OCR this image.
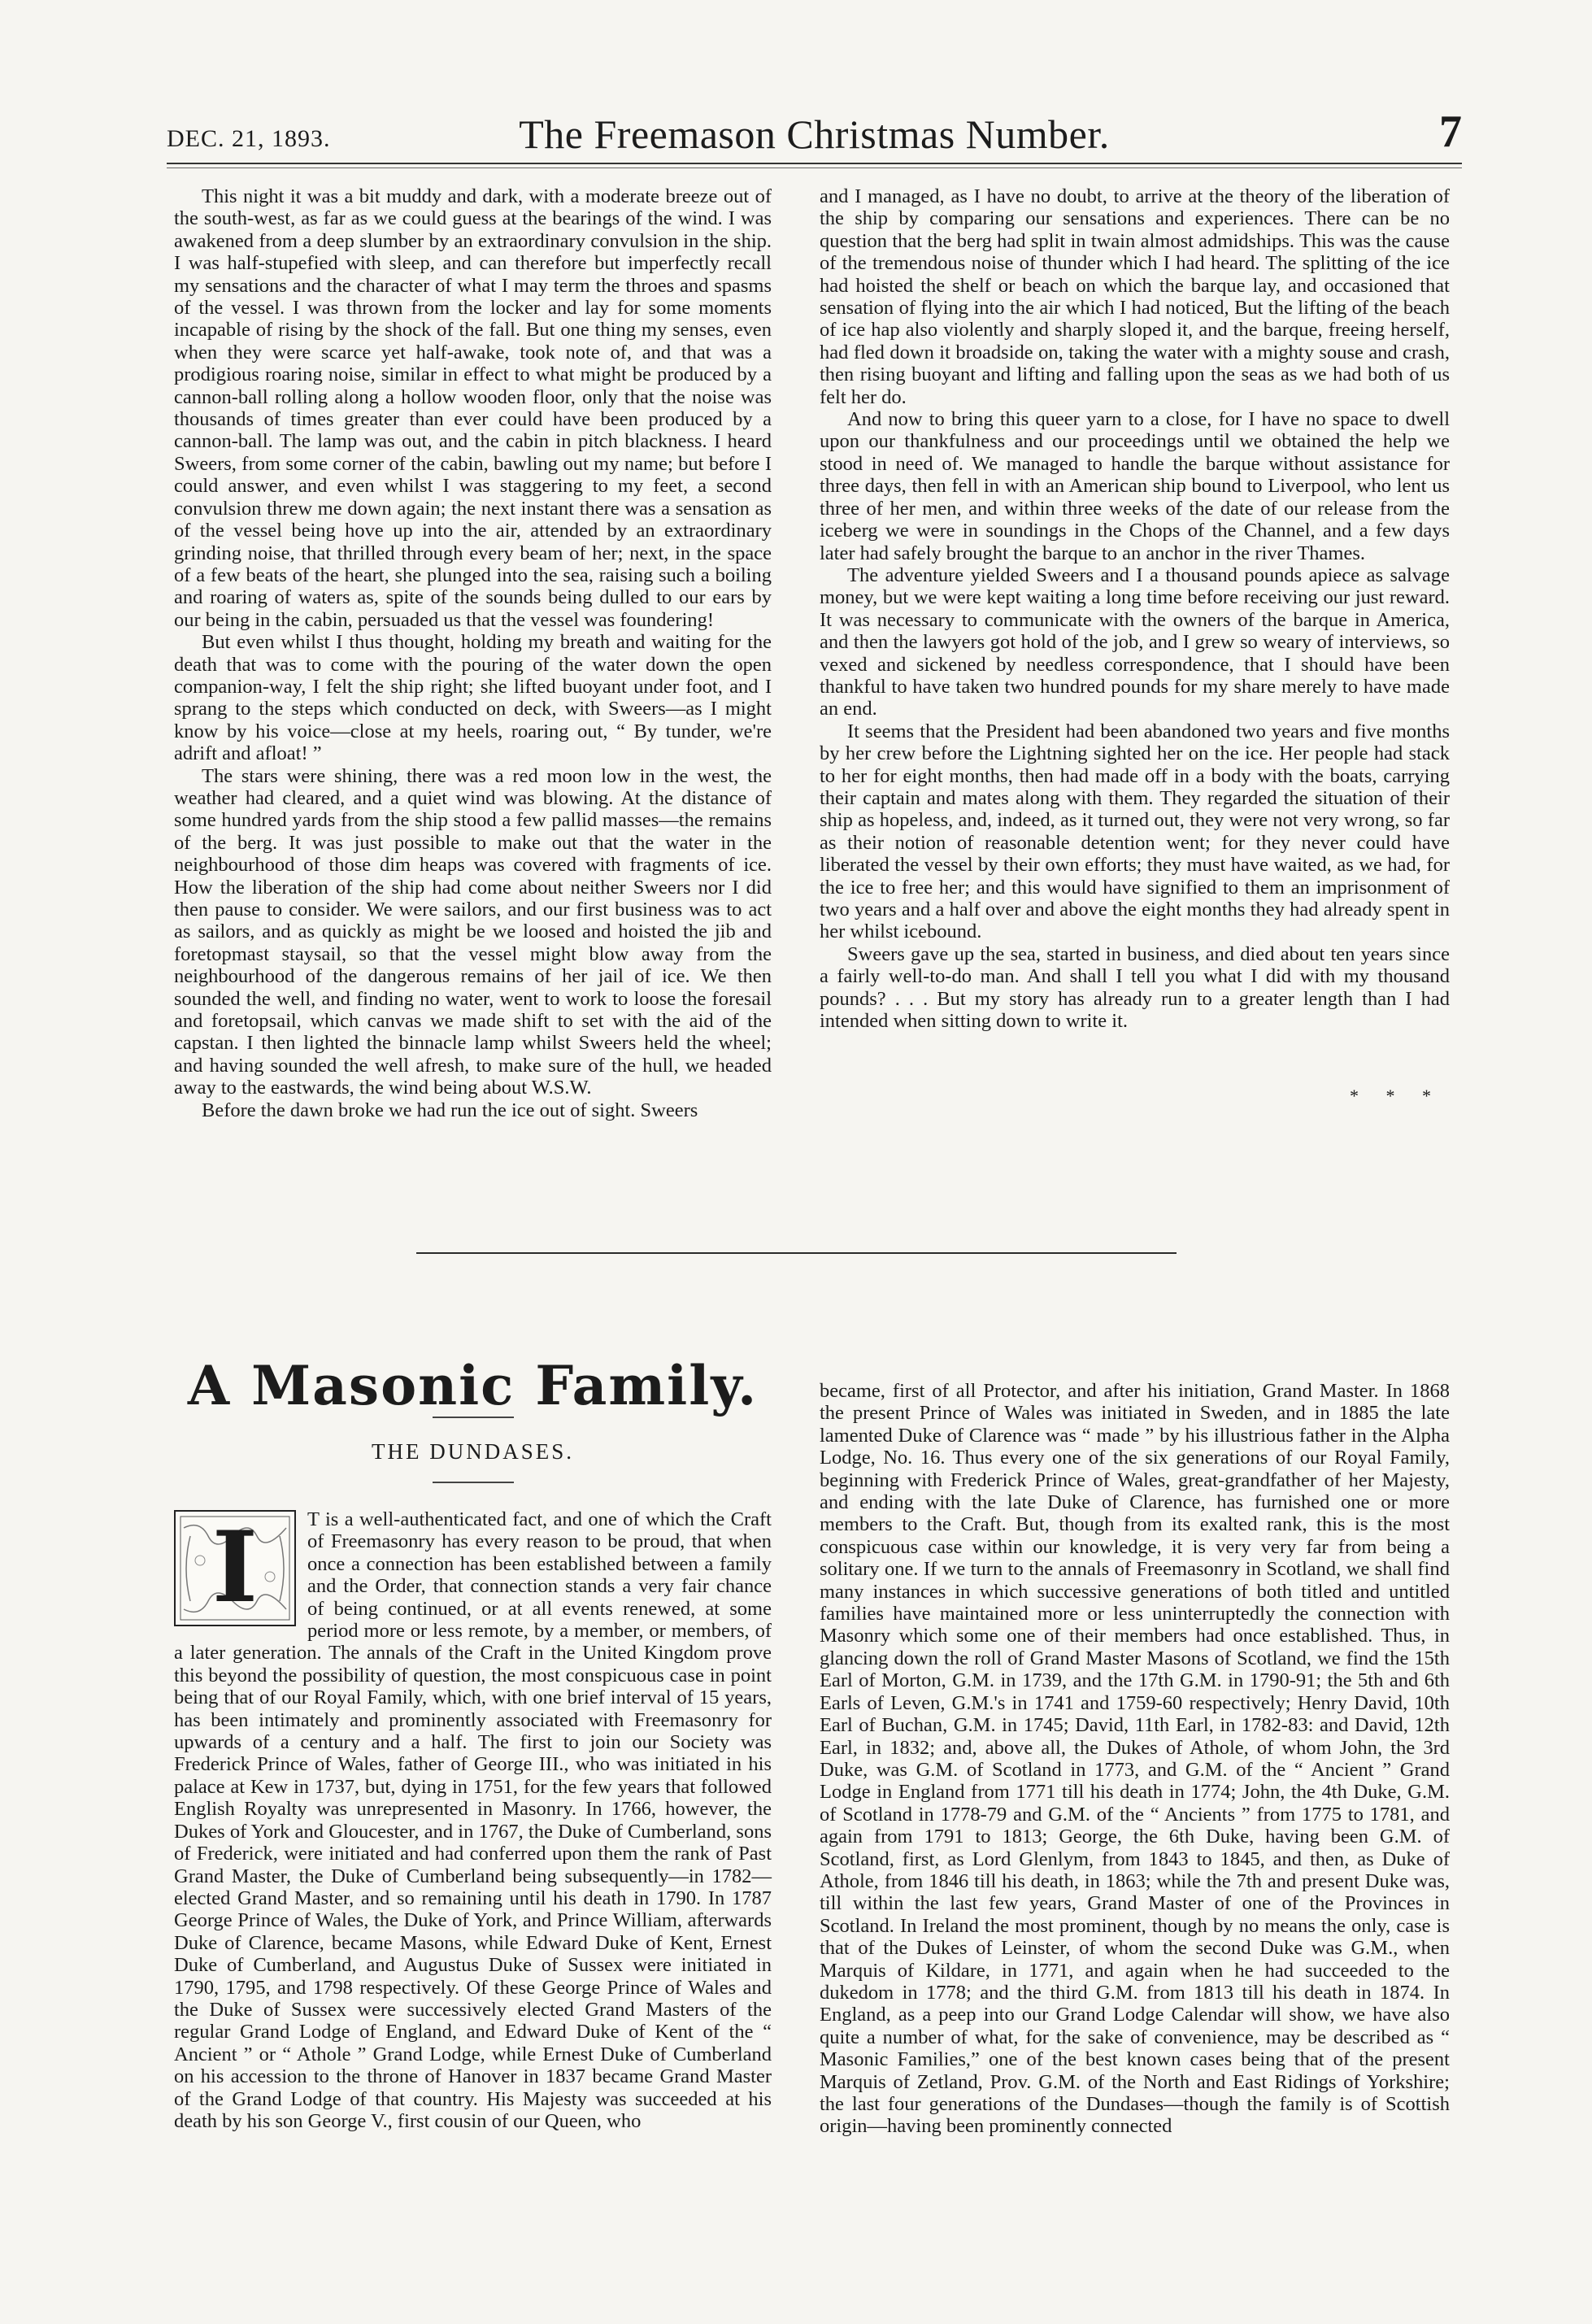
DEC. 21, 1893.	The Freemason Christmas Number.	7

This night it was a bit muddy and dark, with a moderate breeze out of the south-west, as far as we could guess at the bearings of the wind. I was awakened from a deep slumber by an extraordinary convulsion in the ship. I was half-stupefied with sleep, and can therefore but imperfectly recall my sensations and the character of what I may term the throes and spasms of the vessel. I was thrown from the locker and lay for some moments incapable of rising by the shock of the fall. But one thing my senses, even when they were scarce yet half-awake, took note of, and that was a prodigious roaring noise, similar in effect to what might be produced by a cannon-ball rolling along a hollow wooden floor, only that the noise was thousands of times greater than ever could have been produced by a cannon-ball. The lamp was out, and the cabin in pitch blackness. I heard Sweers, from some corner of the cabin, bawling out my name; but before I could answer, and even whilst I was staggering to my feet, a second convulsion threw me down again; the next instant there was a sensation as of the vessel being hove up into the air, attended by an extraordinary grinding noise, that thrilled through every beam of her; next, in the space of a few beats of the heart, she plunged into the sea, raising such a boiling and roaring of waters as, spite of the sounds being dulled to our ears by our being in the cabin, persuaded us that the vessel was foundering!

But even whilst I thus thought, holding my breath and waiting for the death that was to come with the pouring of the water down the open companion-way, I felt the ship right; she lifted buoyant under foot, and I sprang to the steps which conducted on deck, with Sweers—as I might know by his voice—close at my heels, roaring out, “ By tunder, we're adrift and afloat! ”

The stars were shining, there was a red moon low in the west, the weather had cleared, and a quiet wind was blowing. At the distance of some hundred yards from the ship stood a few pallid masses—the remains of the berg. It was just possible to make out that the water in the neighbourhood of those dim heaps was covered with fragments of ice. How the liberation of the ship had come about neither Sweers nor I did then pause to consider. We were sailors, and our first business was to act as sailors, and as quickly as might be we loosed and hoisted the jib and foretopmast staysail, so that the vessel might blow away from the neighbourhood of the dangerous remains of her jail of ice. We then sounded the well, and finding no water, went to work to loose the foresail and foretopsail, which canvas we made shift to set with the aid of the capstan. I then lighted the binnacle lamp whilst Sweers held the wheel; and having sounded the well afresh, to make sure of the hull, we headed away to the eastwards, the wind being about W.S.W.

Before the dawn broke we had run the ice out of sight. Sweers

and I managed, as I have no doubt, to arrive at the theory of the liberation of the ship by comparing our sensations and experiences. There can be no question that the berg had split in twain almost admidships. This was the cause of the tremendous noise of thunder which I had heard. The splitting of the ice had hoisted the shelf or beach on which the barque lay, and occasioned that sensation of flying into the air which I had noticed, But the lifting of the beach of ice hap also violently and sharply sloped it, and the barque, freeing herself, had fled down it broadside on, taking the water with a mighty souse and crash, then rising buoyant and lifting and falling upon the seas as we had both of us felt her do.

And now to bring this queer yarn to a close, for I have no space to dwell upon our thankfulness and our proceedings until we obtained the help we stood in need of. We managed to handle the barque without assistance for three days, then fell in with an American ship bound to Liverpool, who lent us three of her men, and within three weeks of the date of our release from the iceberg we were in soundings in the Chops of the Channel, and a few days later had safely brought the barque to an anchor in the river Thames.

The adventure yielded Sweers and I a thousand pounds apiece as salvage money, but we were kept waiting a long time before receiving our just reward. It was necessary to communicate with the owners of the barque in America, and then the lawyers got hold of the job, and I grew so weary of interviews, so vexed and sickened by needless correspondence, that I should have been thankful to have taken two hundred pounds for my share merely to have made an end.

It seems that the President had been abandoned two years and five months by her crew before the Lightning sighted her on the ice. Her people had stack to her for eight months, then had made off in a body with the boats, carrying their captain and mates along with them. They regarded the situation of their ship as hopeless, and, indeed, as it turned out, they were not very wrong, so far as their notion of reasonable detention went; for they never could have liberated the vessel by their own efforts; they must have waited, as we had, for the ice to free her; and this would have signified to them an imprisonment of two years and a half over and above the eight months they had already spent in her whilst icebound.

Sweers gave up the sea, started in business, and died about ten years since a fairly well-to-do man. And shall I tell you what I did with my thousand pounds? . . . But my story has already run to a greater length than I had intended when sitting down to write it.

* * *
A Masonic Family.
THE DUNDASES.
I	T is a well-authenticated fact, and one of which the Craft of Freemasonry has every reason to be proud, that when once a connection has been established between a family and the Order, that connection stands a very fair chance of being continued, or at all events renewed, at some period more or less remote, by a member, or members, of a later generation. The annals of the Craft in the United Kingdom prove this beyond the possibility of question, the most conspicuous case in point being that of our Royal Family, which, with one brief interval of 15 years, has been intimately and prominently associated with Freemasonry for upwards of a century and a half. The first to join our Society was Frederick Prince of Wales, father of George III., who was initiated in his palace at Kew in 1737, but, dying in 1751, for the few years that followed English Royalty was unrepresented in Masonry. In 1766, however, the Dukes of York and Gloucester, and in 1767, the Duke of Cumberland, sons of Frederick, were initiated and had conferred upon them the rank of Past Grand Master, the Duke of Cumberland being subsequently—in 1782—elected Grand Master, and so remaining until his death in 1790. In 1787 George Prince of Wales, the Duke of York, and Prince William, afterwards Duke of Clarence, became Masons, while Edward Duke of Kent, Ernest Duke of Cumberland, and Augustus Duke of Sussex were initiated in 1790, 1795, and 1798 respectively. Of these George Prince of Wales and the Duke of Sussex were successively elected Grand Masters of the regular Grand Lodge of England, and Edward Duke of Kent of the “ Ancient ” or “ Athole ” Grand Lodge, while Ernest Duke of Cumberland on his accession to the throne of Hanover in 1837 became Grand Master of the Grand Lodge of that country. His Majesty was succeeded at his death by his son George V., first cousin of our Queen, who

became, first of all Protector, and after his initiation, Grand Master. In 1868 the present Prince of Wales was initiated in Sweden, and in 1885 the late lamented Duke of Clarence was “ made ” by his illustrious father in the Alpha Lodge, No. 16. Thus every one of the six generations of our Royal Family, beginning with Frederick Prince of Wales, great-grandfather of her Majesty, and ending with the late Duke of Clarence, has furnished one or more members to the Craft. But, though from its exalted rank, this is the most conspicuous case within our knowledge, it is very very far from being a solitary one. If we turn to the annals of Freemasonry in Scotland, we shall find many instances in which successive generations of both titled and untitled families have maintained more or less uninterruptedly the connection with Masonry which some one of their members had once established. Thus, in glancing down the roll of Grand Master Masons of Scotland, we find the 15th Earl of Morton, G.M. in 1739, and the 17th G.M. in 1790-91; the 5th and 6th Earls of Leven, G.M.'s in 1741 and 1759-60 respectively; Henry David, 10th Earl of Buchan, G.M. in 1745; David, 11th Earl, in 1782-83: and David, 12th Earl, in 1832; and, above all, the Dukes of Athole, of whom John, the 3rd Duke, was G.M. of Scotland in 1773, and G.M. of the “ Ancient ” Grand Lodge in England from 1771 till his death in 1774; John, the 4th Duke, G.M. of Scotland in 1778-79 and G.M. of the “ Ancients ” from 1775 to 1781, and again from 1791 to 1813; George, the 6th Duke, having been G.M. of Scotland, first, as Lord Glenlym, from 1843 to 1845, and then, as Duke of Athole, from 1846 till his death, in 1863; while the 7th and present Duke was, till within the last few years, Grand Master of one of the Provinces in Scotland. In Ireland the most prominent, though by no means the only, case is that of the Dukes of Leinster, of whom the second Duke was G.M., when Marquis of Kildare, in 1771, and again when he had succeeded to the dukedom in 1778; and the third G.M. from 1813 till his death in 1874. In England, as a peep into our Grand Lodge Calendar will show, we have also quite a number of what, for the sake of convenience, may be described as “ Masonic Families,” one of the best known cases being that of the present Marquis of Zetland, Prov. G.M. of the North and East Ridings of Yorkshire; the last four generations of the Dundases—though the family is of Scottish origin—having been prominently connected
